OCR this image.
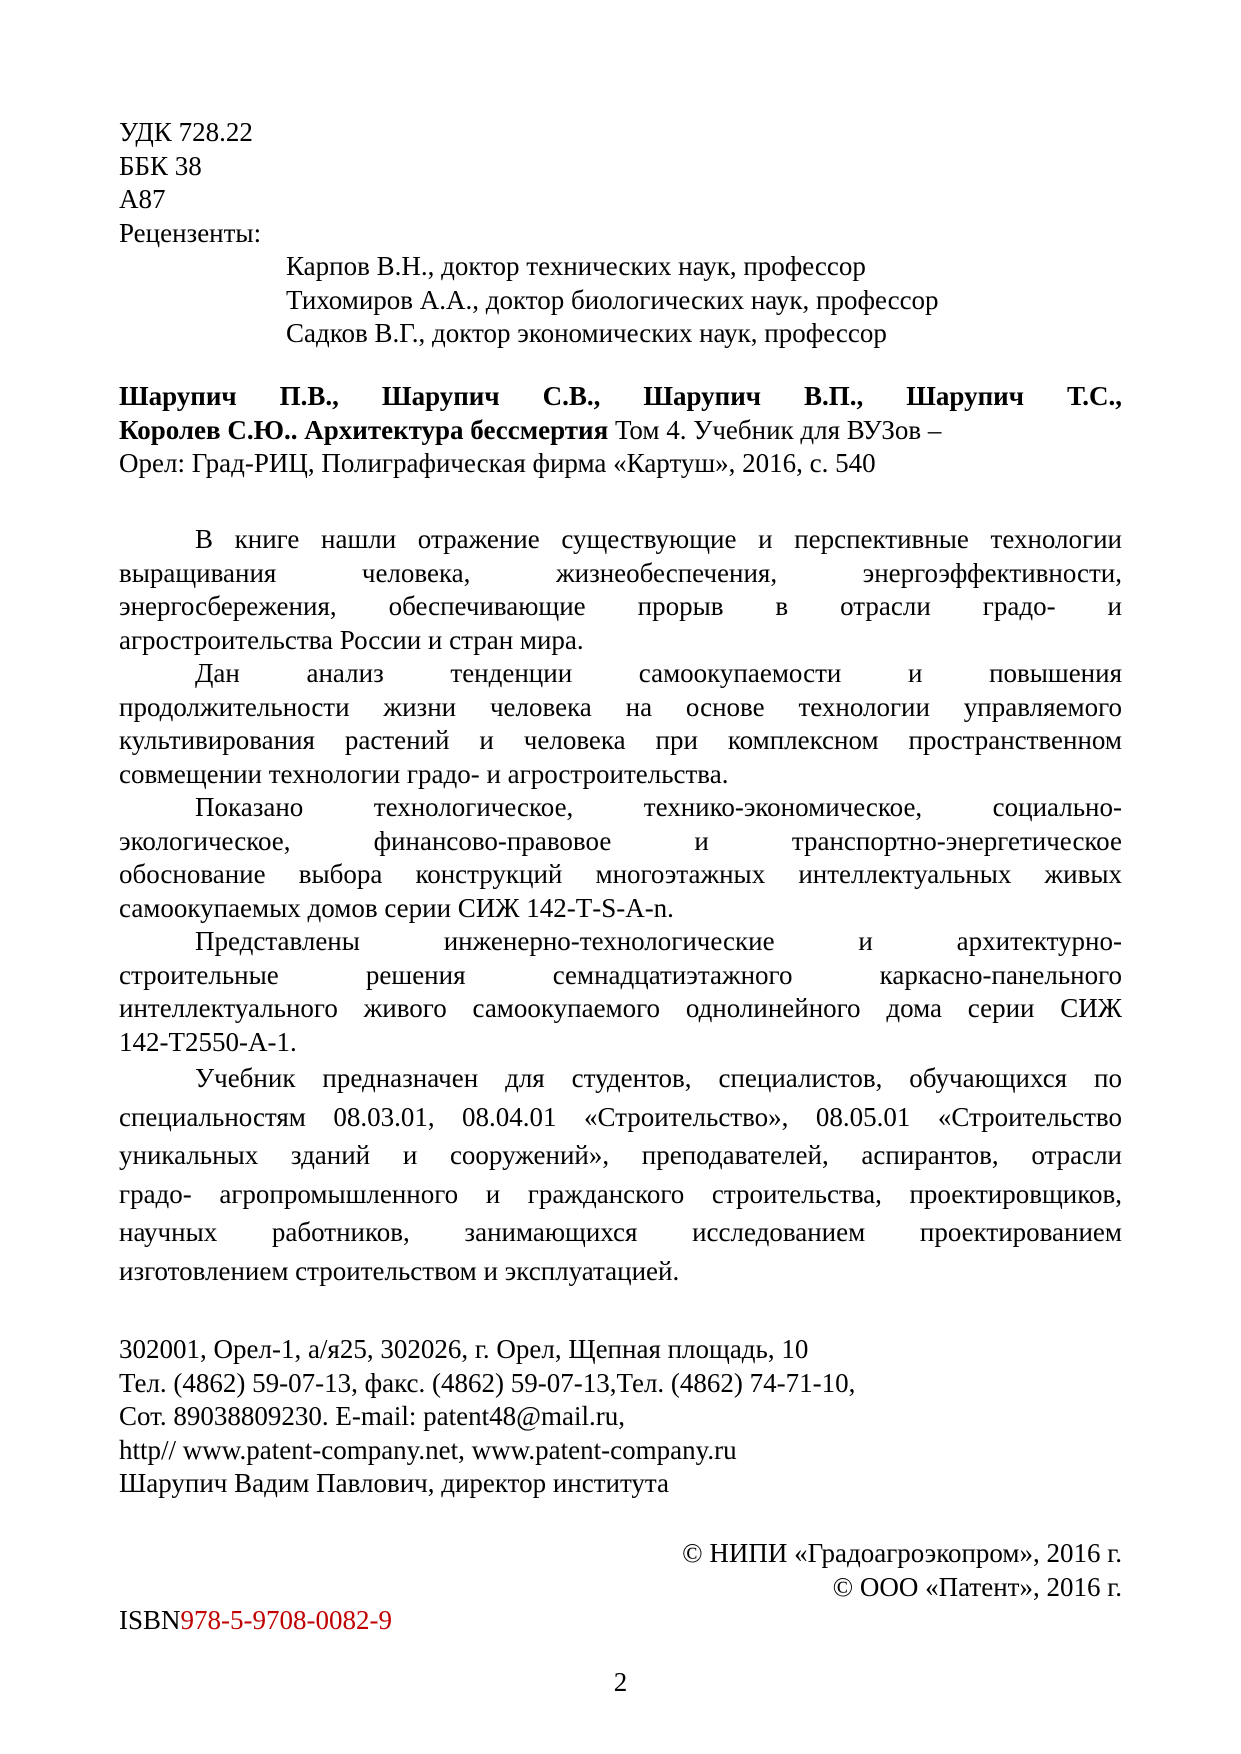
УДК 728.22
ББК 38
А87
Рецензенты:
Карпов В.Н., доктор технических наук, профессор
Тихомиров А.А., доктор биологических наук, профессор
Садков В.Г., доктор экономических наук, профессор
Шарупич П.В., Шарупич С.В., Шарупич В.П., Шарупич Т.С.,
Королев С.Ю.. Архитектура бессмертия Том 4. Учебник для ВУЗов –
Орел: Град-РИЦ, Полиграфическая фирма «Картуш», 2016, с. 540

В книге нашли отражение существующие и перспективные технологии
выращивания человека, жизнеобеспечения, энергоэффективности,
энергосбережения, обеспечивающие прорыв в отрасли градо- и
агростроительства России и стран мира.

Дан анализ тенденции самоокупаемости и повышения
продолжительности жизни человека на основе технологии управляемого
культивирования растений и человека при комплексном пространственном
совмещении технологии градо- и агростроительства.

Показано технологическое, технико-экономическое, социально-
экологическое, финансово-правовое и транспортно-энергетическое
обоснование выбора конструкций многоэтажных интеллектуальных живых
самоокупаемых домов серии СИЖ 142-Т-S-A-n.

Представлены инженерно-технологические и архитектурно-
строительные решения семнадцатиэтажного каркасно-панельного
интеллектуального живого самоокупаемого однолинейного дома серии СИЖ
142-Т2550-А-1.

Учебник предназначен для студентов, специалистов, обучающихся по
специальностям 08.03.01, 08.04.01 «Строительство», 08.05.01 «Строительство
уникальных зданий и сооружений», преподавателей, аспирантов, отрасли
градо- агропромышленного и гражданского строительства, проектировщиков,
научных работников, занимающихся исследованием проектированием
изготовлением строительством и эксплуатацией.

302001, Орел-1, а/я25, 302026, г. Орел, Щепная площадь, 10
Тел. (4862) 59-07-13, факс. (4862) 59-07-13,Тел. (4862) 74-71-10,
Сот. 89038809230. E-mail: patent48@mail.ru,
http// www.patent-company.net, www.patent-company.ru
Шарупич Вадим Павлович, директор института
© НИПИ «Градоагроэкопром», 2016 г.
© ООО «Патент», 2016 г.
ISBN978-5-9708-0082-9
2
